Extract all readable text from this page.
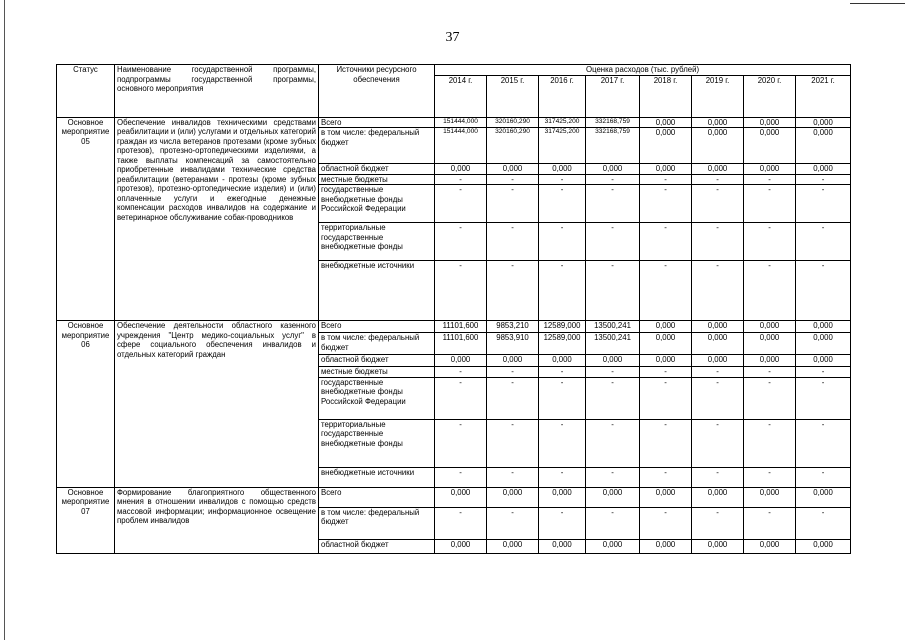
37
Статус	Наименование государственной программы, подпрограммы государственной программы, основного мероприятия	Источники ресурсного обеспечения	Оценка расходов (тыс. рублей)							
			2014 г.	2015 г.	2016 г.	2017 г.	2018 г.	2019 г.	2020 г.	2021 г.
Основное мероприятие 05	Обеспечение инвалидов техническими средствами реабилитации и (или) услугами и отдельных категорий граждан из числа ветеранов протезами (кроме зубных протезов), протезно-ортопедическими изделиями, а также выплаты компенсаций за самостоятельно приобретенные инвалидами технические средства реабилитации (ветеранами - протезы (кроме зубных протезов), протезно-ортопедические изделия) и (или) оплаченные услуги и ежегодные денежные компенсации расходов инвалидов на содержание и ветеринарное обслуживание собак-проводников	Всего	151444,000	320160,290	317425,200	332168,759	0,000	0,000	0,000	0,000
		в том числе: федеральный бюджет	151444,000	320160,290	317425,200	332168,759	0,000	0,000	0,000	0,000
		областной бюджет	0,000	0,000	0,000	0,000	0,000	0,000	0,000	0,000
		местные бюджеты	-	-	-	-	-	-	-	-
		государственные внебюджетные фонды Российской Федерации	-	-	-	-	-	-	-	-
		территориальные государственные внебюджетные фонды	-	-	-	-	-	-	-	-
		внебюджетные источники	-	-	-	-	-	-	-	-
Основное мероприятие 06	Обеспечение деятельности областного казенного учреждения "Центр медико-социальных услуг" в сфере социального обеспечения инвалидов и отдельных категорий граждан	Всего	11101,600	9853,210	12589,000	13500,241	0,000	0,000	0,000	0,000
		в том числе: федеральный бюджет	11101,600	9853,910	12589,000	13500,241	0,000	0,000	0,000	0,000
		областной бюджет	0,000	0,000	0,000	0,000	0,000	0,000	0,000	0,000
		местные бюджеты	-	-	-	-	-	-	-	-
		государственные внебюджетные фонды Российской Федерации	-	-	-	-	-	-	-	-
		территориальные государственные внебюджетные фонды	-	-	-	-	-	-	-	-
		внебюджетные источники	-	-	-	-	-	-	-	-
Основное мероприятие 07	Формирование благоприятного общественного мнения в отношении инвалидов с помощью средств массовой информации; информационное освещение проблем инвалидов	Всего	0,000	0,000	0,000	0,000	0,000	0,000	0,000	0,000
		в том числе: федеральный бюджет	-	-	-	-	-	-	-	-
		областной бюджет	0,000	0,000	0,000	0,000	0,000	0,000	0,000	0,000
